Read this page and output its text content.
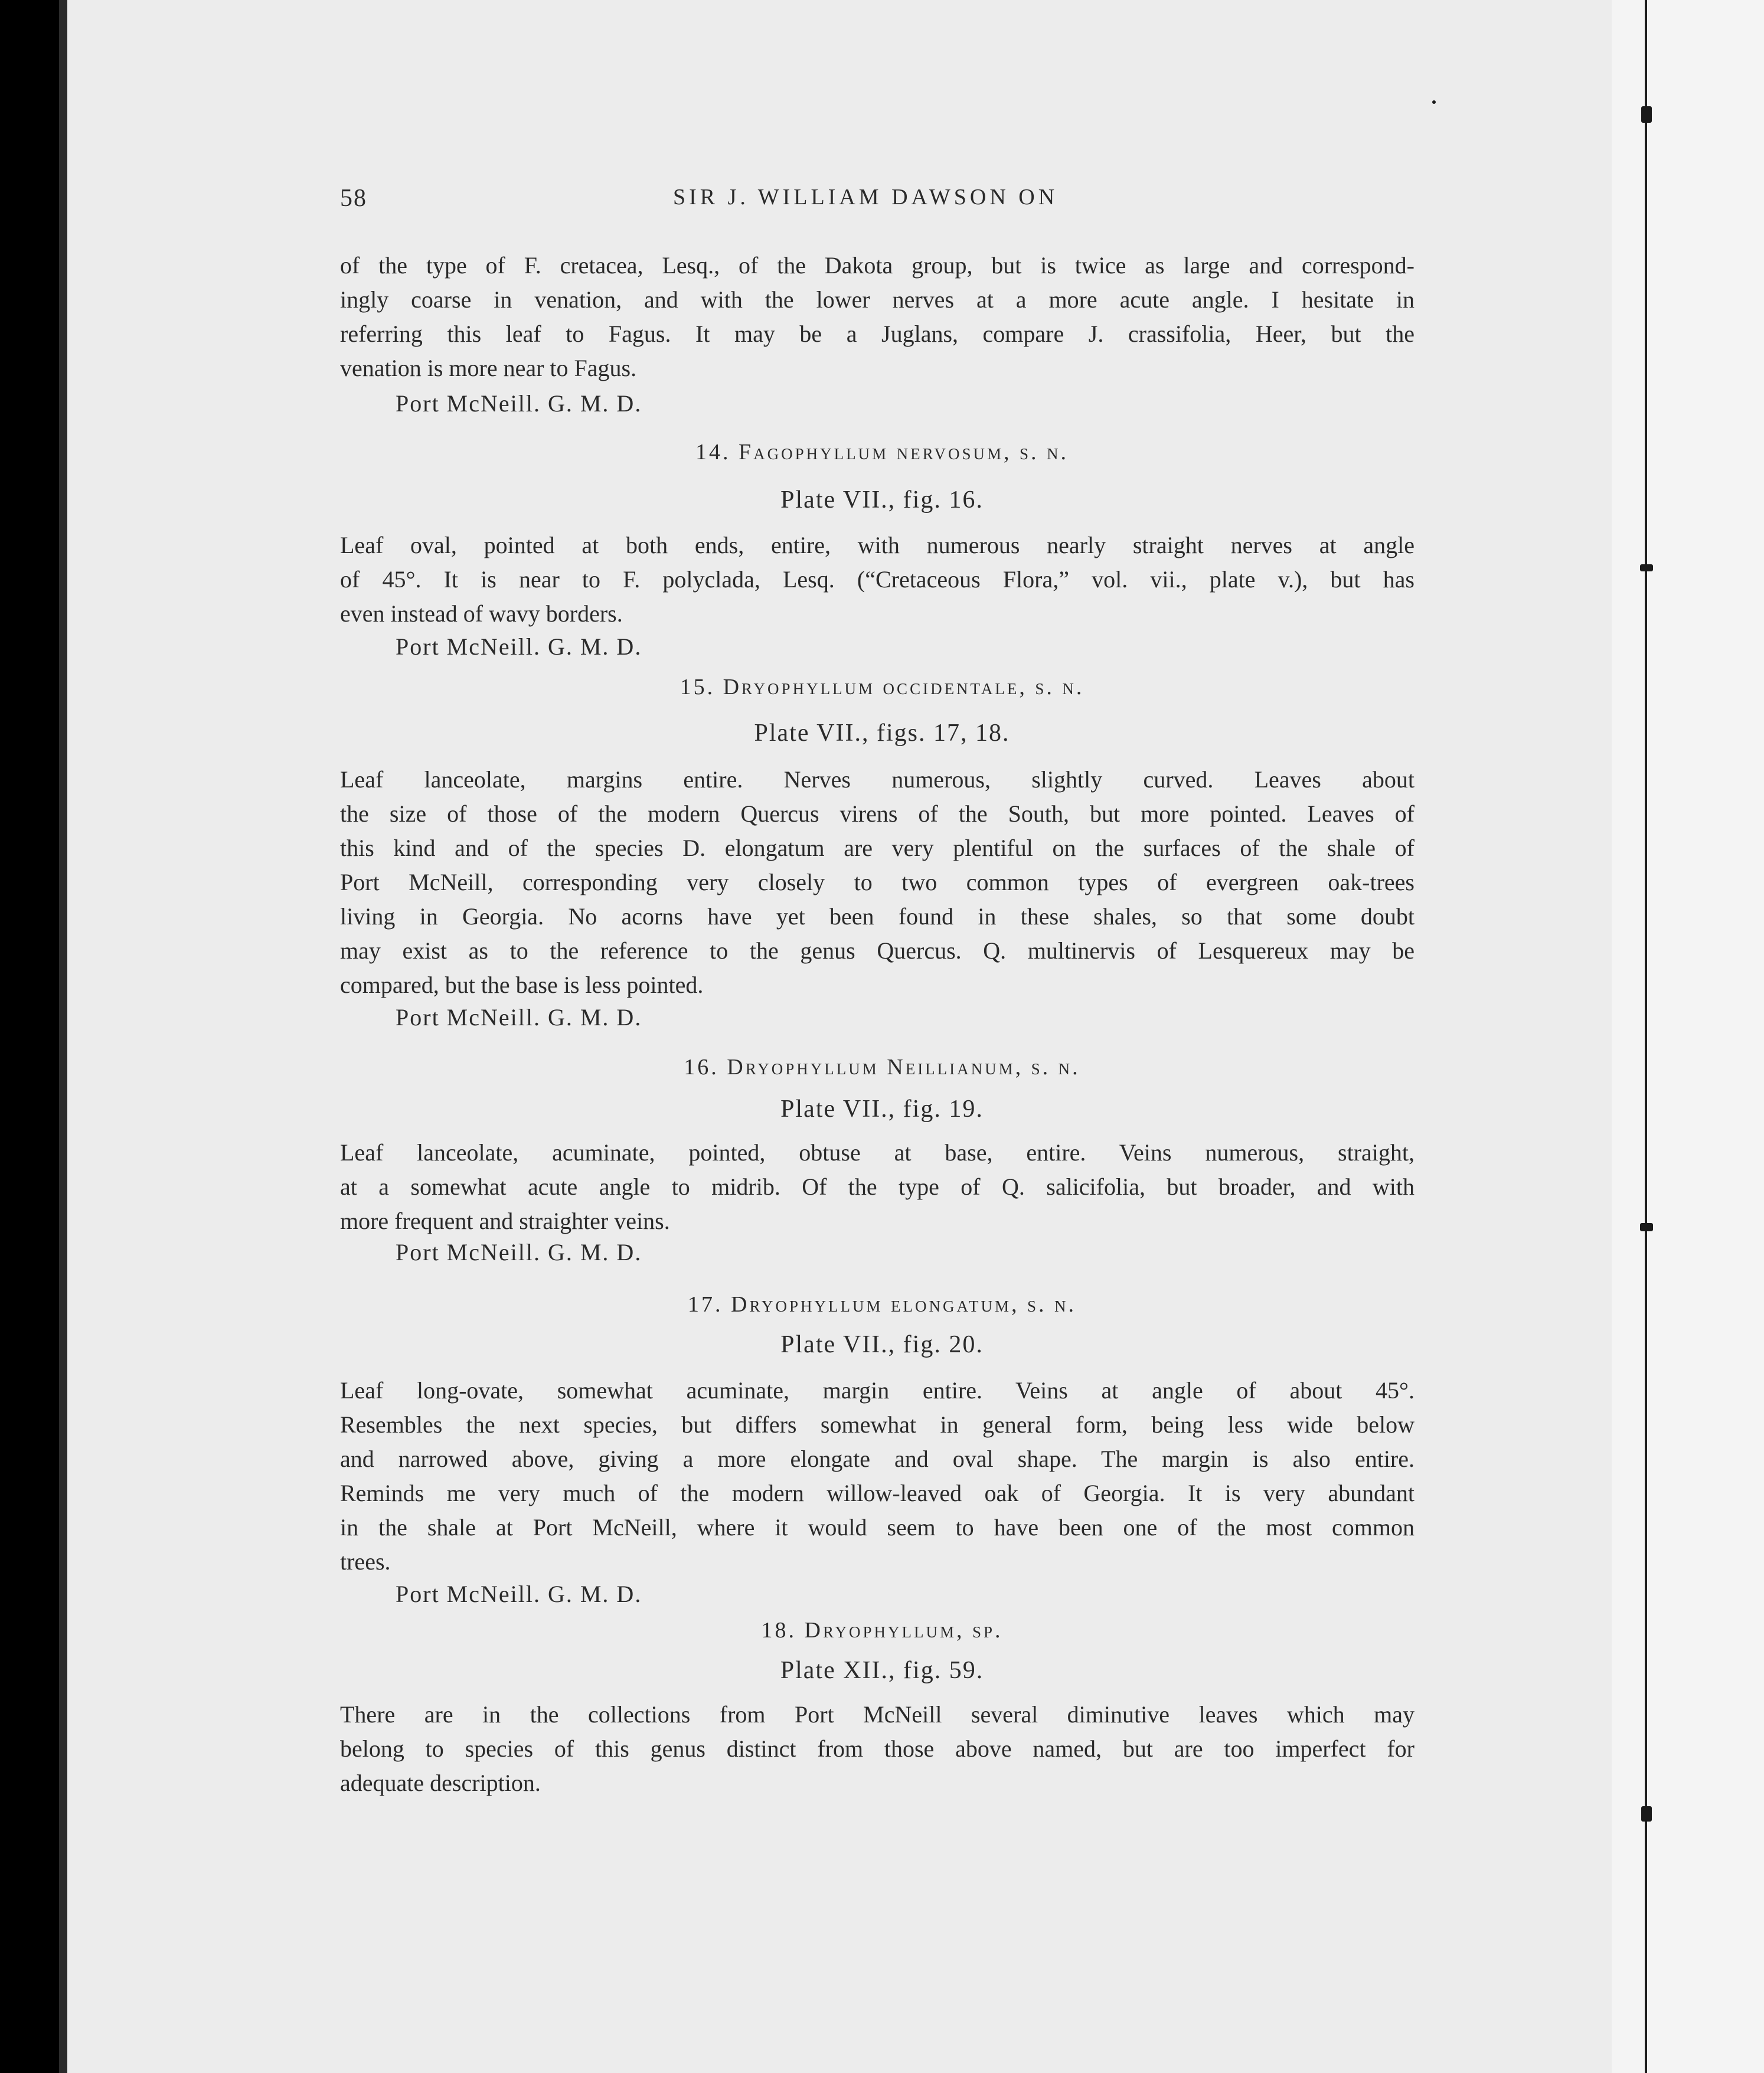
58	SIR J. WILLIAM DAWSON ON

of the type of F. cretacea, Lesq., of the Dakota group, but is twice as large and correspond-

ingly coarse in venation, and with the lower nerves at a more acute angle. I hesitate in

referring this leaf to Fagus. It may be a Juglans, compare J. crassifolia, Heer, but the

venation is more near to Fagus.

Port McNeill. G. M. D.
14. Fagophyllum nervosum, s. n.
Plate VII., fig. 16.

Leaf oval, pointed at both ends, entire, with numerous nearly straight nerves at angle

of 45°. It is near to F. polyclada, Lesq. (“Cretaceous Flora,” vol. vii., plate v.), but has

even instead of wavy borders.

Port McNeill. G. M. D.
15. Dryophyllum occidentale, s. n.
Plate VII., figs. 17, 18.

Leaf lanceolate, margins entire. Nerves numerous, slightly curved. Leaves about

the size of those of the modern Quercus virens of the South, but more pointed. Leaves of

this kind and of the species D. elongatum are very plentiful on the surfaces of the shale of

Port McNeill, corresponding very closely to two common types of evergreen oak-trees

living in Georgia. No acorns have yet been found in these shales, so that some doubt

may exist as to the reference to the genus Quercus. Q. multinervis of Lesquereux may be

compared, but the base is less pointed.

Port McNeill. G. M. D.
16. Dryophyllum Neillianum, s. n.
Plate VII., fig. 19.

Leaf lanceolate, acuminate, pointed, obtuse at base, entire. Veins numerous, straight,

at a somewhat acute angle to midrib. Of the type of Q. salicifolia, but broader, and with

more frequent and straighter veins.

Port McNeill. G. M. D.
17. Dryophyllum elongatum, s. n.
Plate VII., fig. 20.

Leaf long-ovate, somewhat acuminate, margin entire. Veins at angle of about 45°.

Resembles the next species, but differs somewhat in general form, being less wide below

and narrowed above, giving a more elongate and oval shape. The margin is also entire.

Reminds me very much of the modern willow-leaved oak of Georgia. It is very abundant

in the shale at Port McNeill, where it would seem to have been one of the most common

trees.

Port McNeill. G. M. D.
18. Dryophyllum, sp.
Plate XII., fig. 59.

There are in the collections from Port McNeill several diminutive leaves which may

belong to species of this genus distinct from those above named, but are too imperfect for

adequate description.
